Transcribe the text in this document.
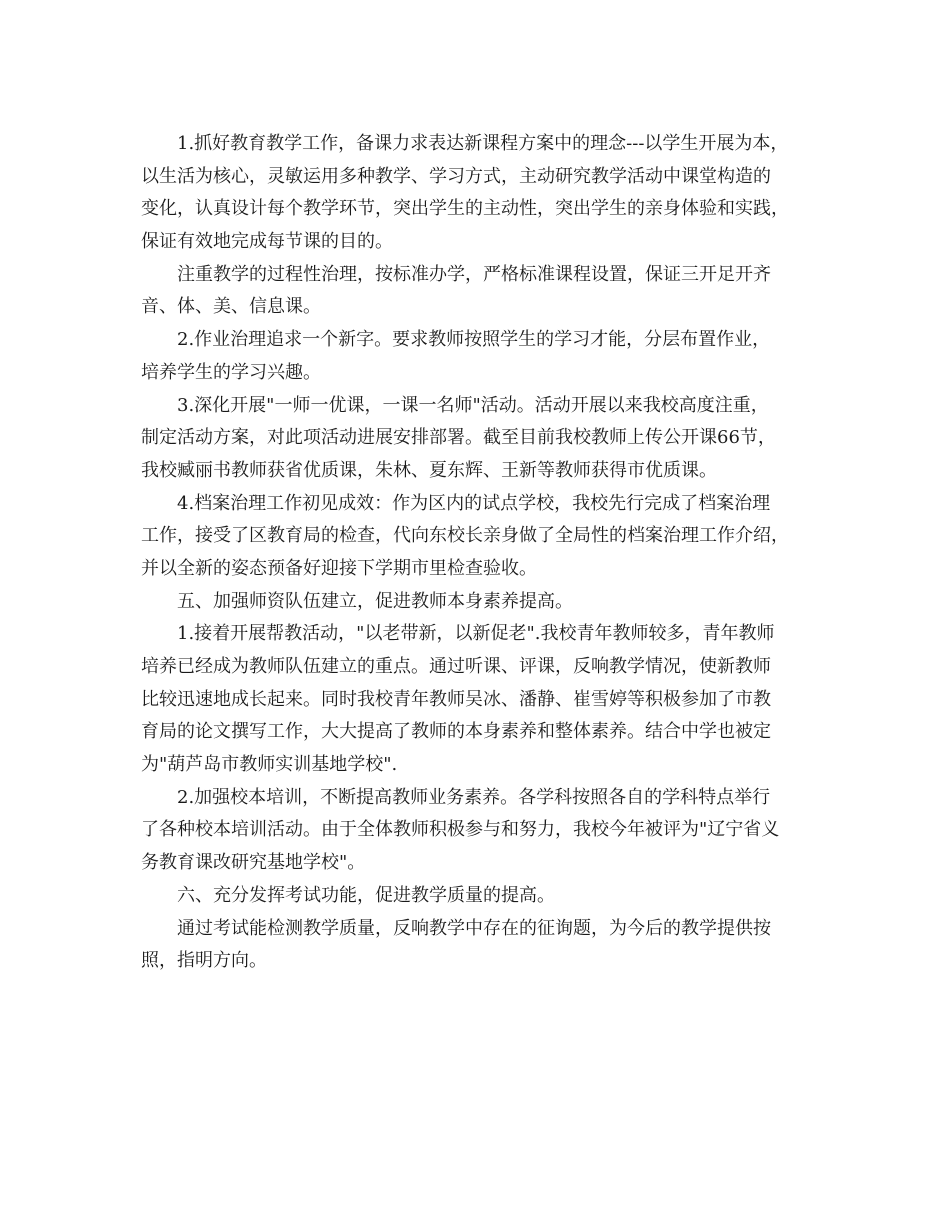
1.抓好教育教学工作，备课力求表达新课程方案中的理念---以学生开展为本，
以生活为核心，灵敏运用多种教学、学习方式，主动研究教学活动中课堂构造的
变化，认真设计每个教学环节，突出学生的主动性，突出学生的亲身体验和实践，
保证有效地完成每节课的目的。
注重教学的过程性治理，按标准办学，严格标准课程设置，保证三开足开齐
音、体、美、信息课。
2.作业治理追求一个新字。要求教师按照学生的学习才能，分层布置作业，
培养学生的学习兴趣。
3.深化开展"一师一优课，一课一名师"活动。活动开展以来我校高度注重，
制定活动方案，对此项活动进展安排部署。截至目前我校教师上传公开课66节，
我校臧丽书教师获省优质课，朱林、夏东辉、王新等教师获得市优质课。
4.档案治理工作初见成效：作为区内的试点学校，我校先行完成了档案治理
工作，接受了区教育局的检查，代向东校长亲身做了全局性的档案治理工作介绍，
并以全新的姿态预备好迎接下学期市里检查验收。
五、加强师资队伍建立，促进教师本身素养提高。
1.接着开展帮教活动，"以老带新，以新促老".我校青年教师较多，青年教师
培养已经成为教师队伍建立的重点。通过听课、评课，反响教学情况，使新教师
比较迅速地成长起来。同时我校青年教师吴冰、潘静、崔雪婷等积极参加了市教
育局的论文撰写工作，大大提高了教师的本身素养和整体素养。结合中学也被定
为"葫芦岛市教师实训基地学校".
2.加强校本培训，不断提高教师业务素养。各学科按照各自的学科特点举行
了各种校本培训活动。由于全体教师积极参与和努力，我校今年被评为"辽宁省义
务教育课改研究基地学校"。
六、充分发挥考试功能，促进教学质量的提高。
通过考试能检测教学质量，反响教学中存在的征询题，为今后的教学提供按
照，指明方向。
